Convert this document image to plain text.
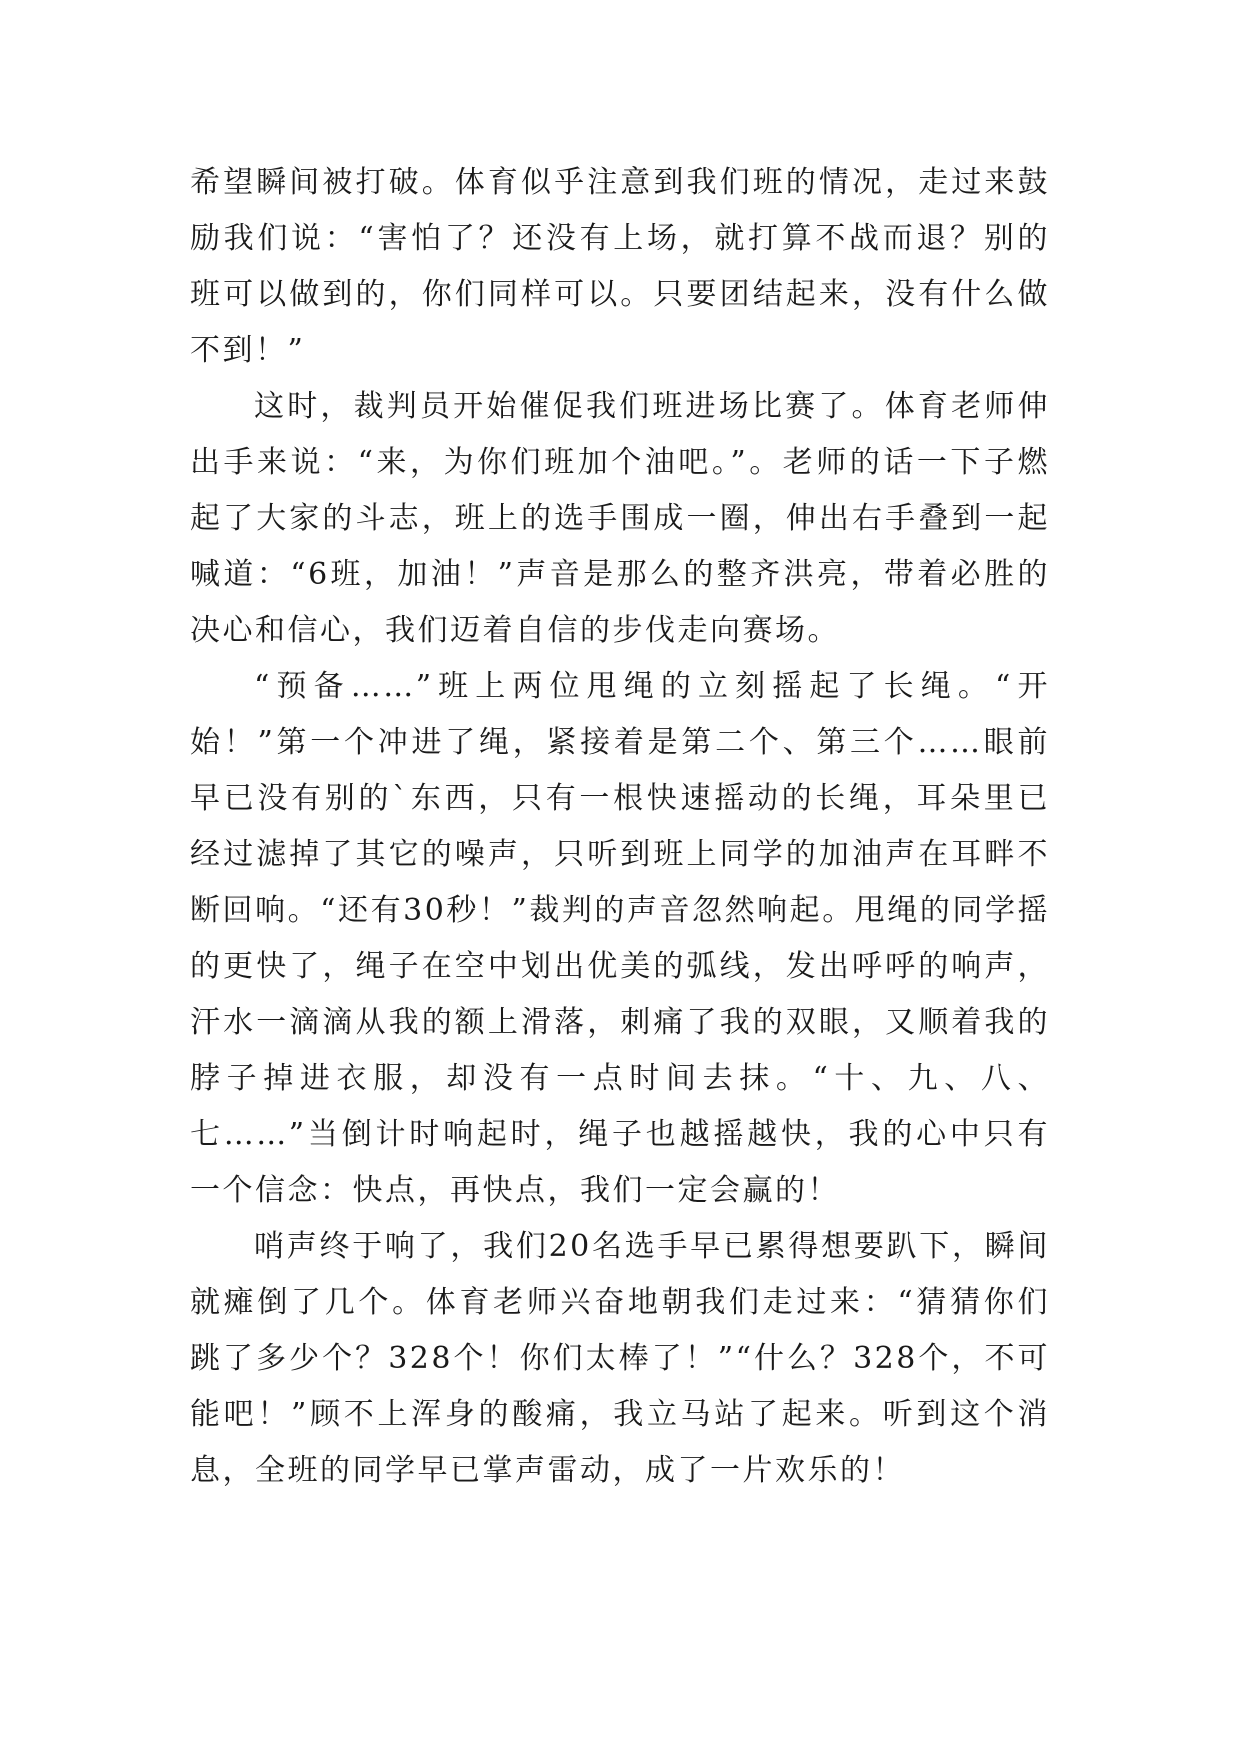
希望瞬间被打破。体育似乎注意到我们班的情况，走过来鼓励我们说：“害怕了？还没有上场，就打算不战而退？别的班可以做到的，你们同样可以。只要团结起来，没有什么做不到！”

这时，裁判员开始催促我们班进场比赛了。体育老师伸出手来说：“来，为你们班加个油吧。”。老师的话一下子燃起了大家的斗志，班上的选手围成一圈，伸出右手叠到一起喊道：“6班，加油！”声音是那么的整齐洪亮，带着必胜的决心和信心，我们迈着自信的步伐走向赛场。

“预备……”班上两位甩绳的立刻摇起了长绳。“开始！”第一个冲进了绳，紧接着是第二个、第三个……眼前早已没有别的`东西，只有一根快速摇动的长绳，耳朵里已经过滤掉了其它的噪声，只听到班上同学的加油声在耳畔不断回响。“还有30秒！”裁判的声音忽然响起。甩绳的同学摇的更快了，绳子在空中划出优美的弧线，发出呼呼的响声，汗水一滴滴从我的额上滑落，刺痛了我的双眼，又顺着我的脖子掉进衣服，却没有一点时间去抹。“十、九、八、七……”当倒计时响起时，绳子也越摇越快，我的心中只有一个信念：快点，再快点，我们一定会赢的！

哨声终于响了，我们20名选手早已累得想要趴下，瞬间就瘫倒了几个。体育老师兴奋地朝我们走过来：“猜猜你们跳了多少个？328个！你们太棒了！”“什么？328个，不可能吧！”顾不上浑身的酸痛，我立马站了起来。听到这个消息，全班的同学早已掌声雷动，成了一片欢乐的！
